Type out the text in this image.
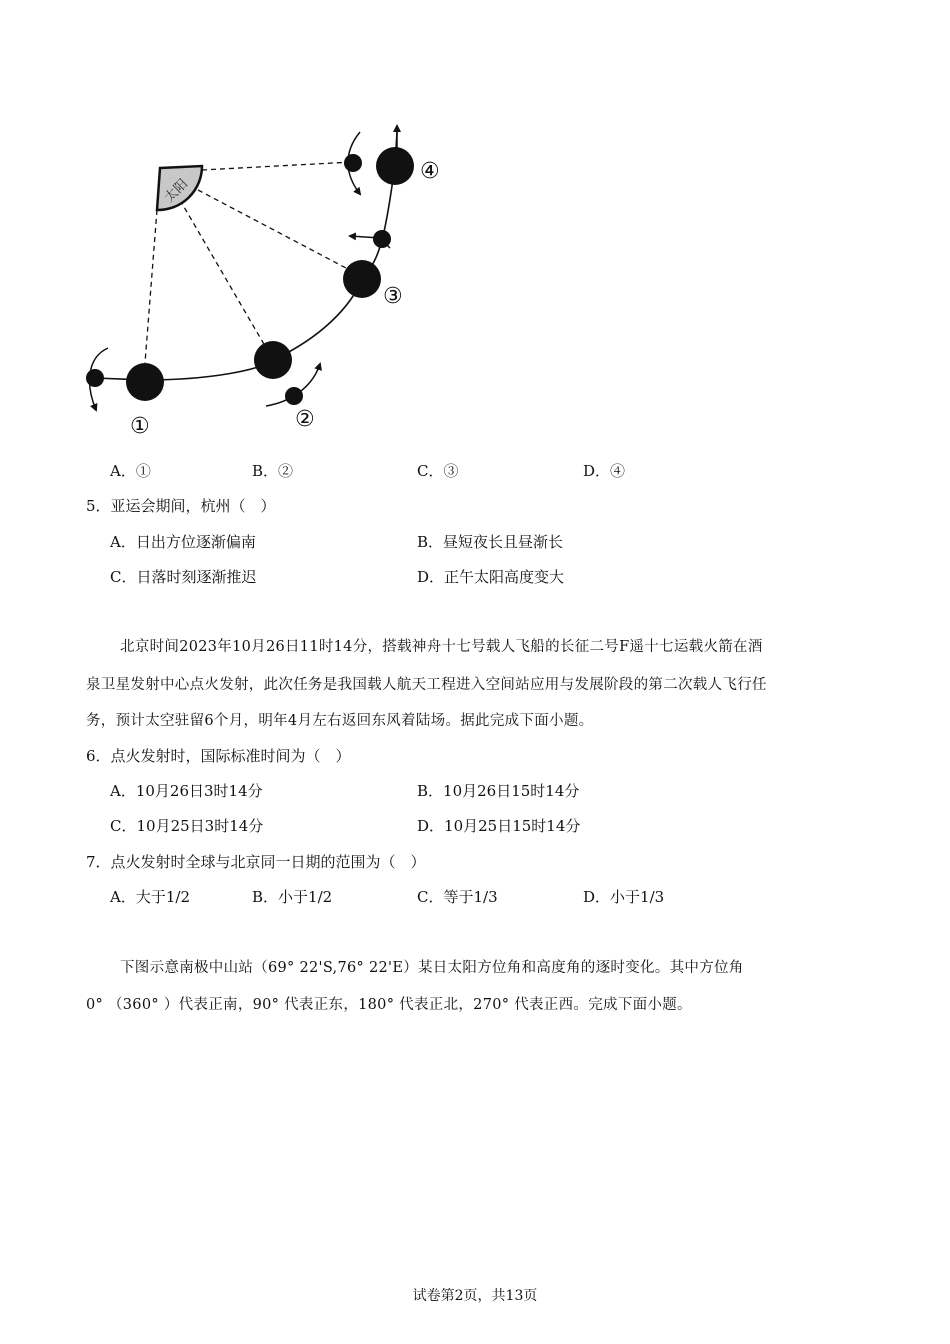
太阳
①	②
③
④
A．①	B．②	C．③	D．④
5．亚运会期间，杭州（　）
A．日出方位逐渐偏南	B．昼短夜长且昼渐长
C．日落时刻逐渐推迟	D．正午太阳高度变大
北京时间2023年10月26日11时14分，搭载神舟十七号载人飞船的长征二号F遥十七运载火箭在酒
泉卫星发射中心点火发射，此次任务是我国载人航天工程进入空间站应用与发展阶段的第二次载人飞行任
务，预计太空驻留6个月，明年4月左右返回东风着陆场。据此完成下面小题。
6．点火发射时，国际标准时间为（　）
A．10月26日3时14分	B．10月26日15时14分
C．10月25日3时14分	D．10月25日15时14分
7．点火发射时全球与北京同一日期的范围为（　）
A．大于1/2	B．小于1/2	C．等于1/3	D．小于1/3
下图示意南极中山站（69° 22'S,76° 22'E）某日太阳方位角和高度角的逐时变化。其中方位角
0° （360° ）代表正南，90° 代表正东，180° 代表正北，270° 代表正西。完成下面小题。
试卷第2页，共13页
